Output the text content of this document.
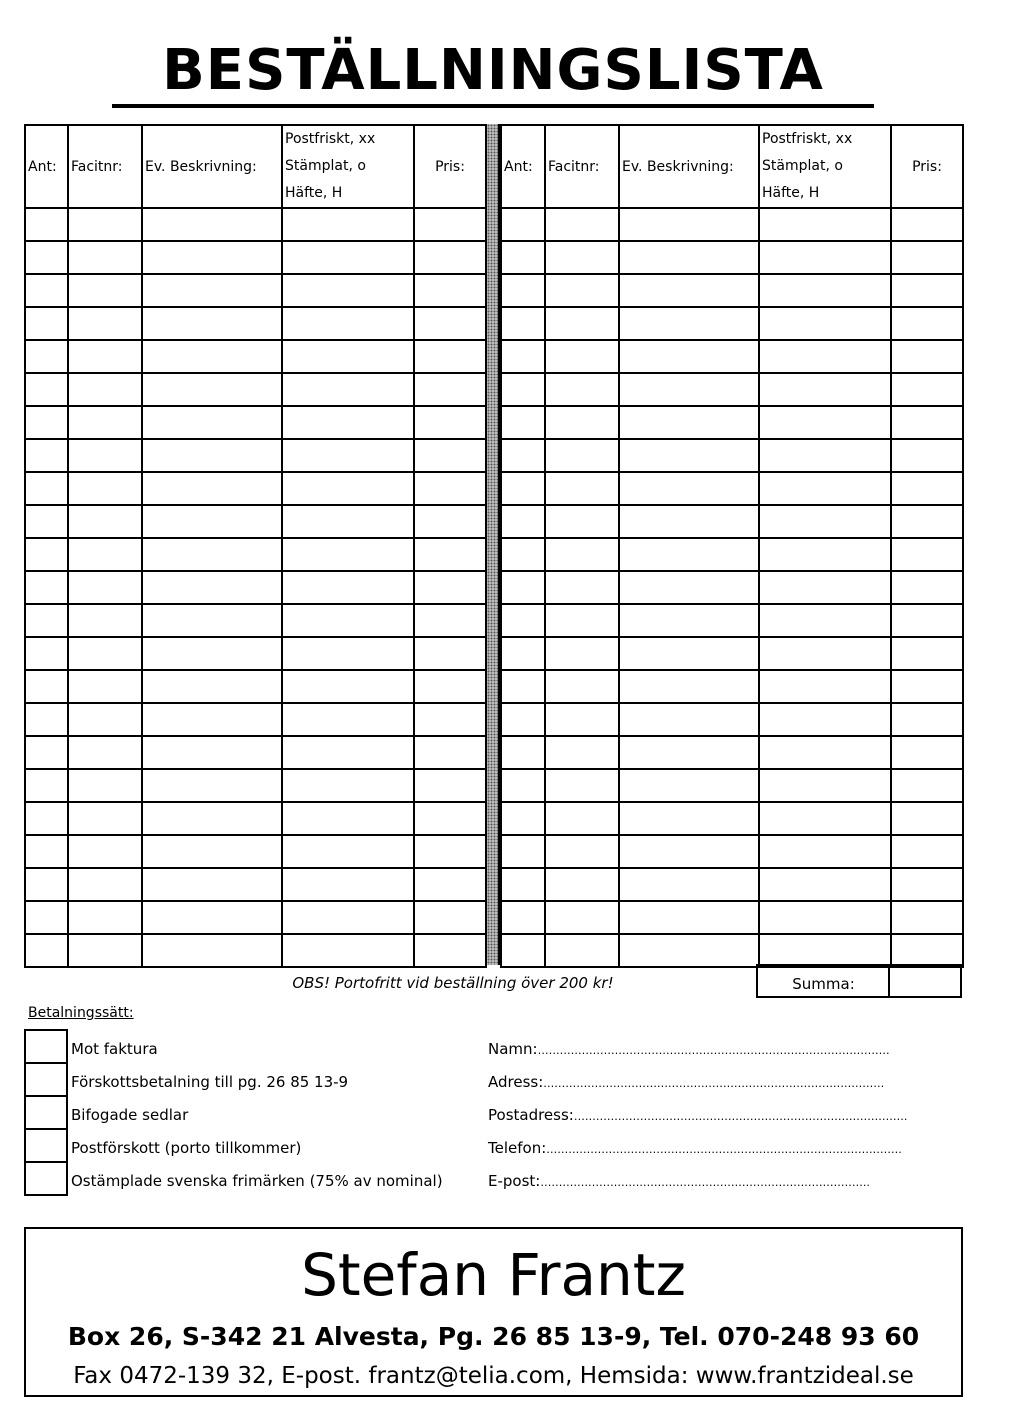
BESTÄLLNINGSLISTA
Ant:	Facitnr:	Ev. Beskrivning:	Postfriskt, xx
Stämplat, o
Häfte, H	Pris:

					Ant:	Facitnr:	Ev. Beskrivning:	Postfriskt, xx
Stämplat, o
Häfte, H	Pris:

OBS! Portofritt vid beställning över 200 kr!	Summa:
Betalningssätt:
Mot faktura
Förskottsbetalning till pg. 26 85 13-9
Bifogade sedlar
Postförskott (porto tillkommer)
Ostämplade svenska frimärken (75% av nominal)
Namn:……………………………………………………………………………………
Adress:…………………………………………………………………………………
Postadress:……………………………………………………………………………….
Telefon:…………………………………………………………………………………….
E-post:……………………….……………………………………………………..
Stefan Frantz
Box 26, S-342 21 Alvesta, Pg. 26 85 13-9, Tel. 070-248 93 60
Fax 0472-139 32, E-post. frantz@telia.com, Hemsida: www.frantzideal.se
